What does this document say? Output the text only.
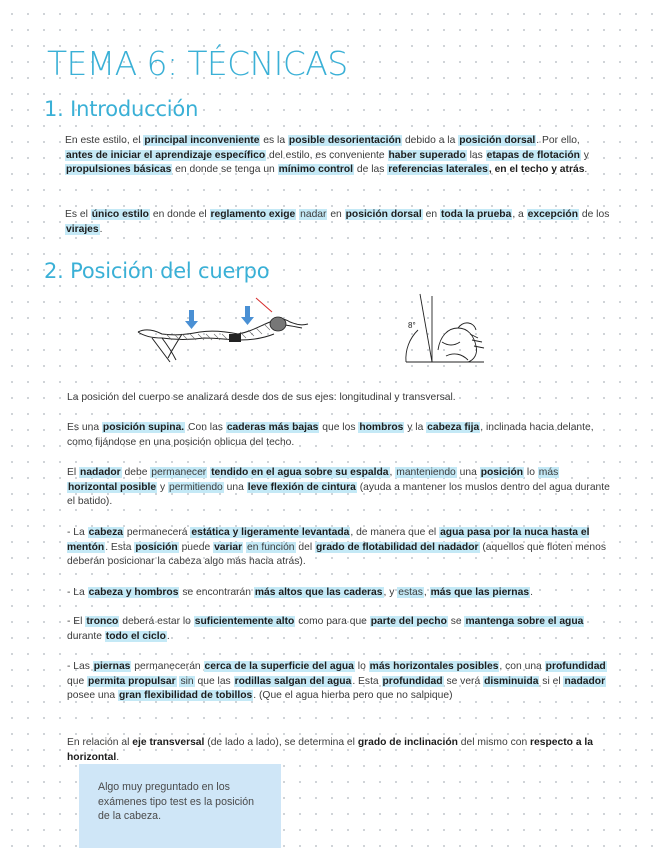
TEMA 6: TÉCNICAS
1. Introducción

En este estilo, el principal inconveniente es la posible desorientación debido a la posición dorsal. Por ello, antes de iniciar el aprendizaje específico del estilo, es conveniente haber superado las etapas de flotación y propulsiones básicas en donde se tenga un mínimo control de las referencias laterales, en el techo y atrás.

Es el único estilo en donde el reglamento exige nadar en posición dorsal en toda la prueba, a excepción de los virajes.

2. Posición del cuerpo
8°

La posición del cuerpo se analizará desde dos de sus ejes: longitudinal y transversal.

Es una posición supina. Con las caderas más bajas que los hombros y la cabeza fija, inclinada hacia delante, como fijándose en una posición oblicua del techo.

El nadador debe permanecer tendido en el agua sobre su espalda, manteniendo una posición lo más horizontal posible y permitiendo una leve flexión de cintura (ayuda a mantener los muslos dentro del agua durante el batido).

- La cabeza permanecerá estática y ligeramente levantada, de manera que el agua pasa por la nuca hasta el mentón. Esta posición puede variar en función del grado de flotabilidad del nadador (aquellos que floten menos deberán posicionar la cabeza algo más hacia atrás).

- La cabeza y hombros se encontrarán más altos que las caderas, y estas, más que las piernas.

- El tronco deberá estar lo suficientemente alto como para que parte del pecho se mantenga sobre el agua durante todo el ciclo.

- Las piernas permanecerán cerca de la superficie del agua lo más horizontales posibles, con una profundidad que permita propulsar sin que las rodillas salgan del agua. Esta profundidad se verá disminuida si el nadador posee una gran flexibilidad de tobillos. (Que el agua hierba pero que no salpique)

En relación al eje transversal (de lado a lado), se determina el grado de inclinación del mismo con respecto a la horizontal.

Algo muy preguntado en los exámenes tipo test es la posición de la cabeza.
